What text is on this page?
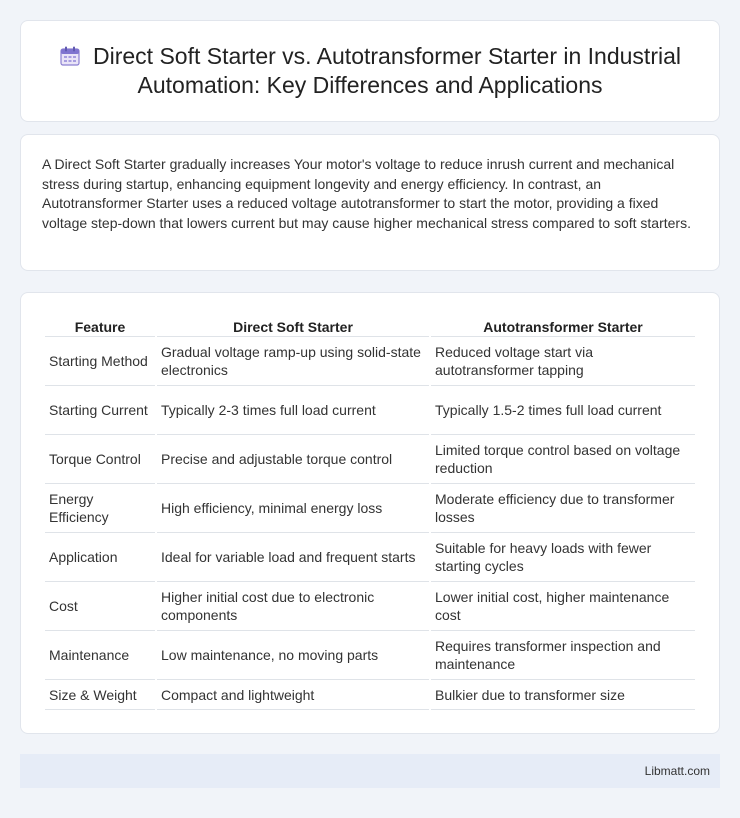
Direct Soft Starter vs. Autotransformer Starter in Industrial Automation: Key Differences and Applications

A Direct Soft Starter gradually increases Your motor's voltage to reduce inrush current and mechanical stress during startup, enhancing equipment longevity and energy efficiency. In contrast, an Autotransformer Starter uses a reduced voltage autotransformer to start the motor, providing a fixed voltage step-down that lowers current but may cause higher mechanical stress compared to soft starters.

Feature	Direct Soft Starter	Autotransformer Starter
Starting Method	Gradual voltage ramp-up using solid-state electronics	Reduced voltage start via autotransformer tapping
Starting Current	Typically 2-3 times full load current	Typically 1.5-2 times full load current
Torque Control	Precise and adjustable torque control	Limited torque control based on voltage reduction
Energy Efficiency	High efficiency, minimal energy loss	Moderate efficiency due to transformer losses
Application	Ideal for variable load and frequent starts	Suitable for heavy loads with fewer starting cycles
Cost	Higher initial cost due to electronic components	Lower initial cost, higher maintenance cost
Maintenance	Low maintenance, no moving parts	Requires transformer inspection and maintenance
Size & Weight	Compact and lightweight	Bulkier due to transformer size
Libmatt.com
